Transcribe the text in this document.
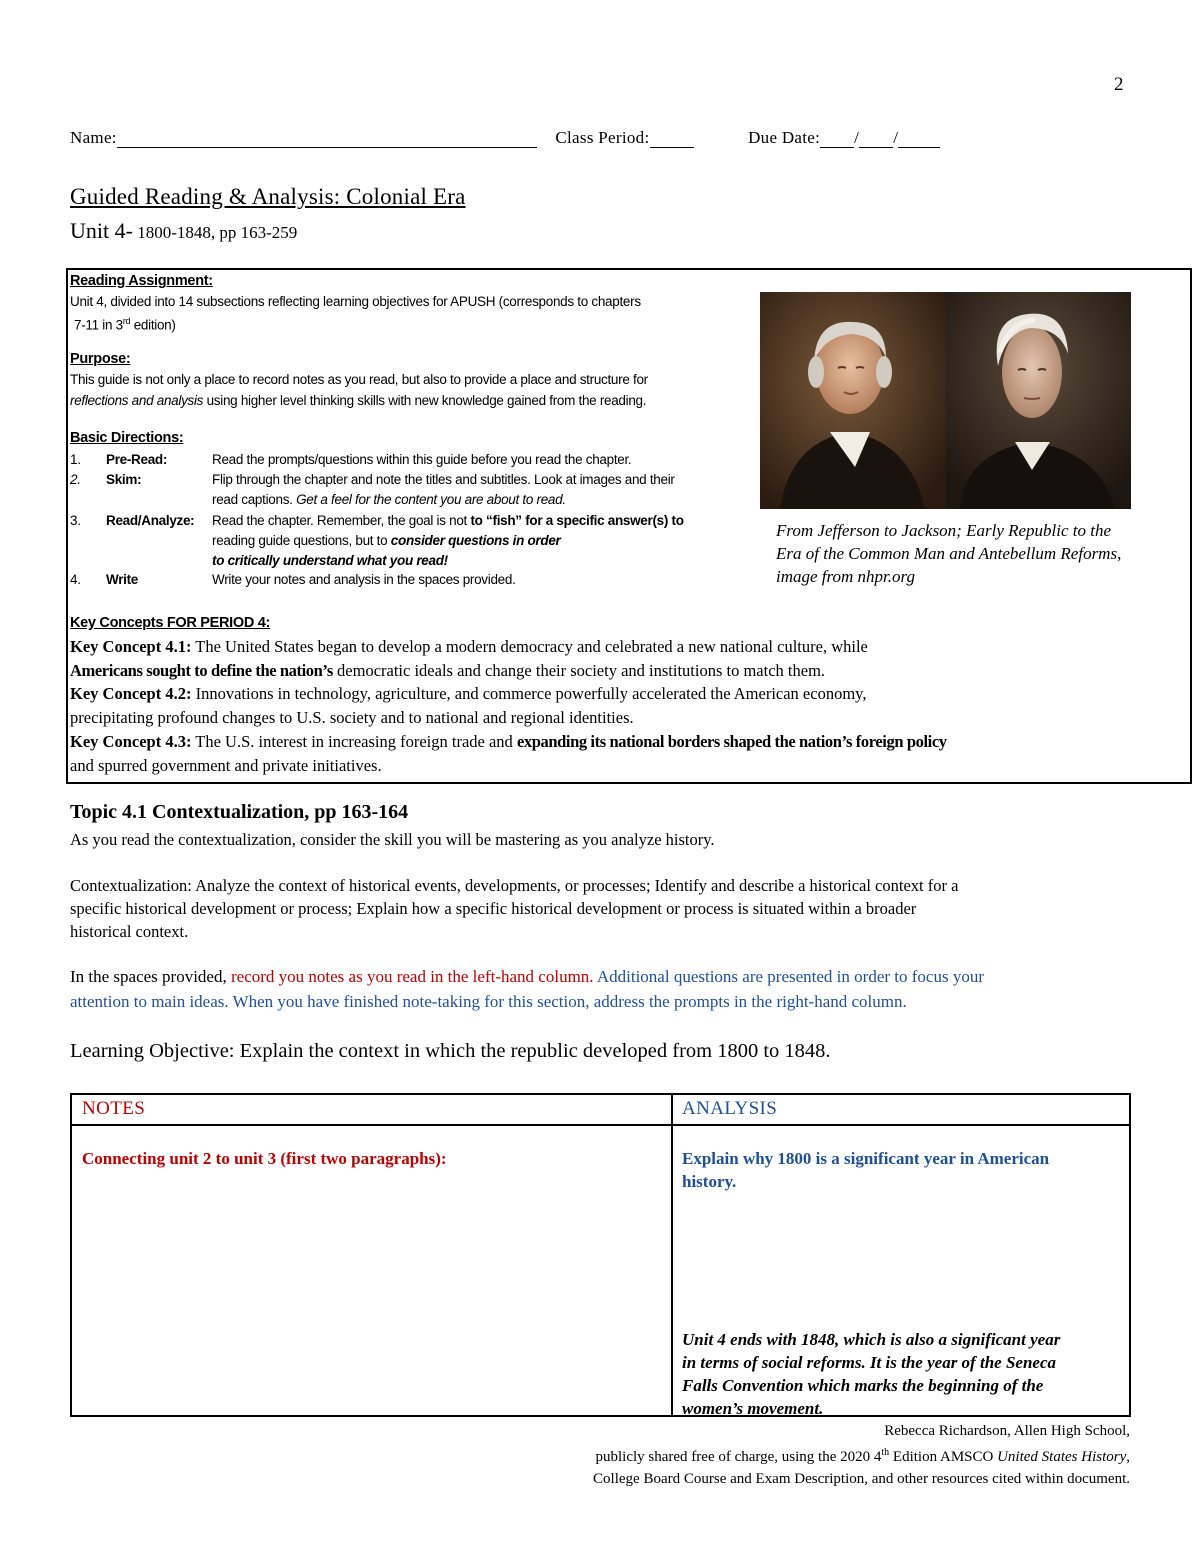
2
Name:	Class Period:	Due Date: / /
Guided Reading & Analysis: Colonial Era
Unit 4- 1800-1848, pp 163-259
Reading Assignment:
Unit 4, divided into 14 subsections reflecting learning objectives for APUSH (corresponds to chapters
7-11 in 3rd edition)
Purpose:
This guide is not only a place to record notes as you read, but also to provide a place and structure for
reflections and analysis using higher level thinking skills with new knowledge gained from the reading.
Basic Directions:
1. Pre-Read:	Read the prompts/questions within this guide before you read the chapter.
2. Skim:	Flip through the chapter and note the titles and subtitles. Look at images and their
read captions. Get a feel for the content you are about to read.
3. Read/Analyze: Read the chapter. Remember, the goal is not to “fish” for a specific answer(s) to
reading guide questions, but to consider questions in order
to critically understand what you read!
4. Write	Write your notes and analysis in the spaces provided.
From Jefferson to Jackson; Early Republic to the Era of the Common Man and Antebellum Reforms, image from nhpr.org
Key Concepts FOR PERIOD 4:
Key Concept 4.1: The United States began to develop a modern democracy and celebrated a new national culture, while
Americans sought to define the nation’s democratic ideals and change their society and institutions to match them.
Key Concept 4.2: Innovations in technology, agriculture, and commerce powerfully accelerated the American economy,
precipitating profound changes to U.S. society and to national and regional identities.
Key Concept 4.3: The U.S. interest in increasing foreign trade and expanding its national borders shaped the nation’s foreign policy
and spurred government and private initiatives.
Topic 4.1 Contextualization, pp 163-164
As you read the contextualization, consider the skill you will be mastering as you analyze history.
Contextualization: Analyze the context of historical events, developments, or processes; Identify and describe a historical context for a
specific historical development or process; Explain how a specific historical development or process is situated within a broader
historical context.
In the spaces provided, record you notes as you read in the left-hand column. Additional questions are presented in order to focus your
attention to main ideas. When you have finished note-taking for this section, address the prompts in the right-hand column.
Learning Objective: Explain the context in which the republic developed from 1800 to 1848.
NOTES	ANALYSIS
Connecting unit 2 to unit 3 (first two paragraphs):	Explain why 1800 is a significant year in American
history.
Unit 4 ends with 1848, which is also a significant year
in terms of social reforms. It is the year of the Seneca
Falls Convention which marks the beginning of the
women’s movement.
Rebecca Richardson, Allen High School,
publicly shared free of charge, using the 2020 4th Edition AMSCO United States History,
College Board Course and Exam Description, and other resources cited within document.
